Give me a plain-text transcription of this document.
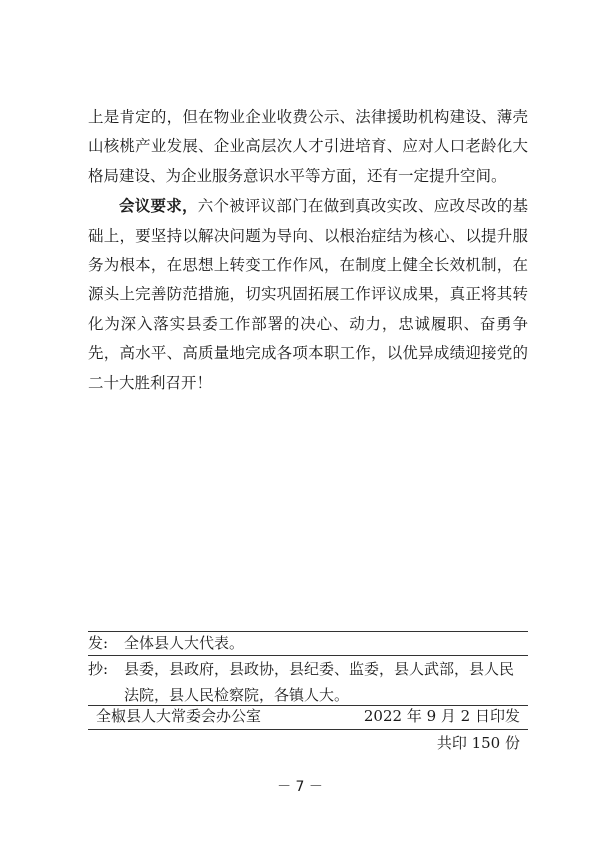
上是肯定的，但在物业企业收费公示、法律援助机构建设、薄壳山核桃产业发展、企业高层次人才引进培育、应对人口老龄化大格局建设、为企业服务意识水平等方面，还有一定提升空间。

会议要求，六个被评议部门在做到真改实改、应改尽改的基础上，要坚持以解决问题为导向、以根治症结为核心、以提升服务为根本，在思想上转变工作作风，在制度上健全长效机制，在源头上完善防范措施，切实巩固拓展工作评议成果，真正将其转化为深入落实县委工作部署的决心、动力，忠诚履职、奋勇争先，高水平、高质量地完成各项本职工作，以优异成绩迎接党的二十大胜利召开！

发: 全体县人大代表。
抄: 县委，县政府，县政协，县纪委、监委，县人武部，县人民法院，县人民检察院，各镇人大。
全椒县人大常委会办公室	2022 年 9 月 2 日印发
共印 150 份
－ 7 －
